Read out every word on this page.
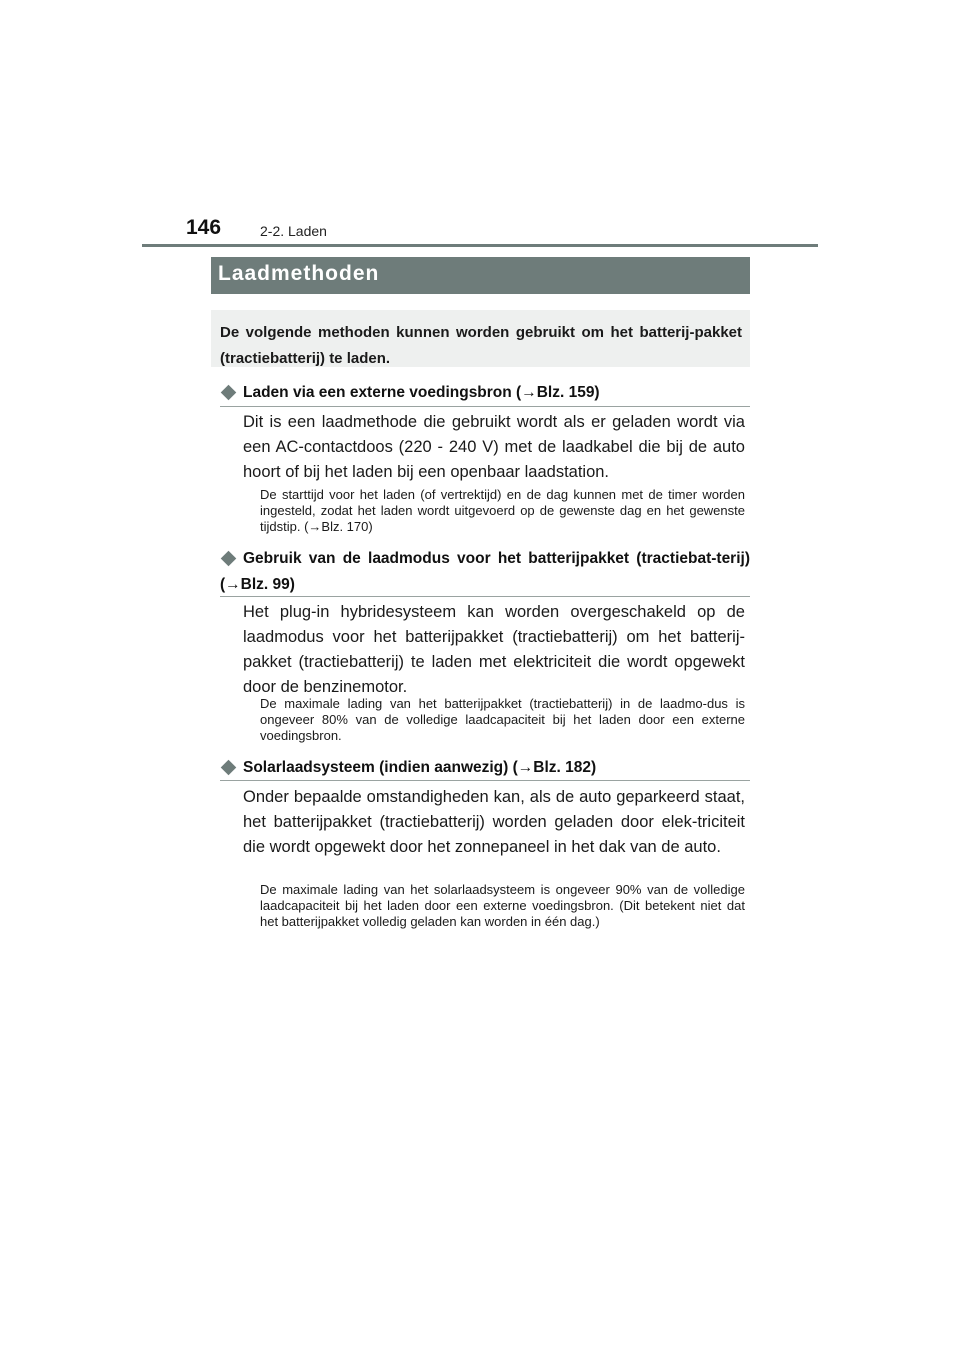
146	2-2. Laden
Laadmethoden
De volgende methoden kunnen worden gebruikt om het batterij-pakket (tractiebatterij) te laden.
Laden via een externe voedingsbron (→Blz. 159)
Dit is een laadmethode die gebruikt wordt als er geladen wordt via een AC-contactdoos (220 - 240 V) met de laadkabel die bij de auto hoort of bij het laden bij een openbaar laadstation.
De starttijd voor het laden (of vertrektijd) en de dag kunnen met de timer worden ingesteld, zodat het laden wordt uitgevoerd op de gewenste dag en het gewenste tijdstip. (→Blz. 170)
Gebruik van de laadmodus voor het batterijpakket (tractiebat-terij) (→Blz. 99)
Het plug-in hybridesysteem kan worden overgeschakeld op de laadmodus voor het batterijpakket (tractiebatterij) om het batterij-pakket (tractiebatterij) te laden met elektriciteit die wordt opgewekt door de benzinemotor.
De maximale lading van het batterijpakket (tractiebatterij) in de laadmo-dus is ongeveer 80% van de volledige laadcapaciteit bij het laden door een externe voedingsbron.
Solarlaadsysteem (indien aanwezig) (→Blz. 182)
Onder bepaalde omstandigheden kan, als de auto geparkeerd staat, het batterijpakket (tractiebatterij) worden geladen door elek-triciteit die wordt opgewekt door het zonnepaneel in het dak van de auto.
De maximale lading van het solarlaadsysteem is ongeveer 90% van de volledige laadcapaciteit bij het laden door een externe voedingsbron. (Dit betekent niet dat het batterijpakket volledig geladen kan worden in één dag.)
